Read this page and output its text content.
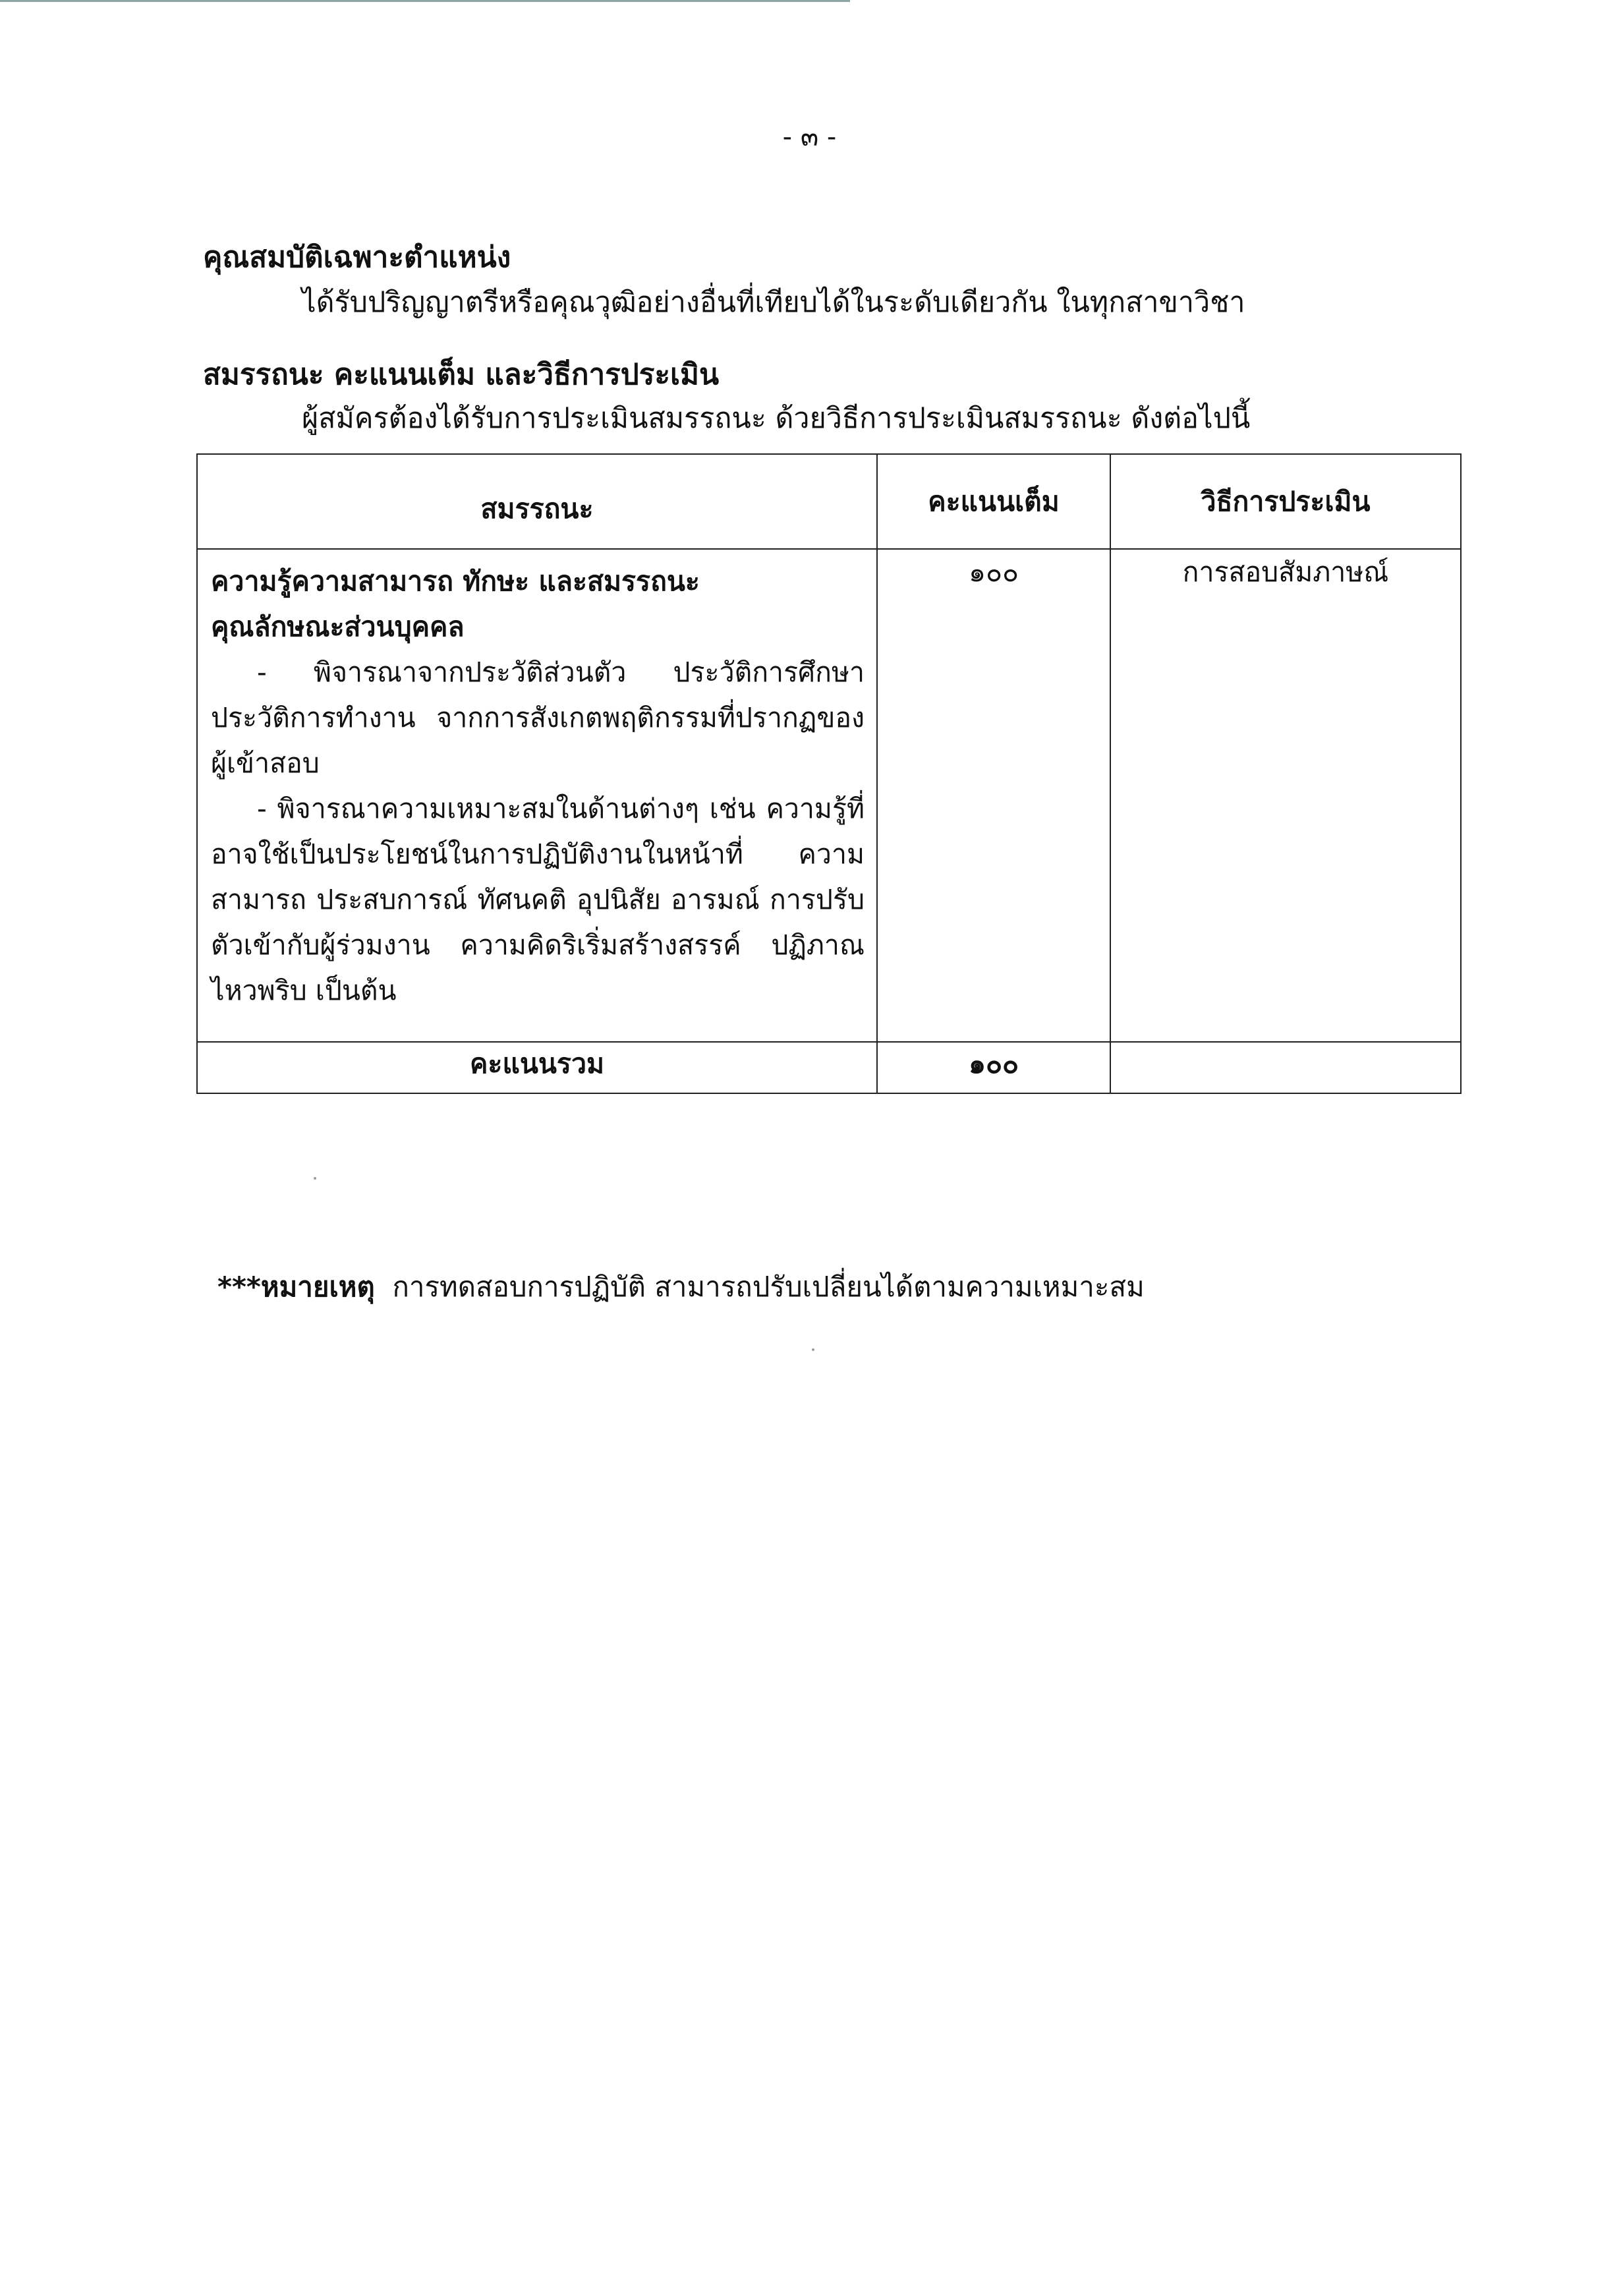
- ๓ -
คุณสมบัติเฉพาะตำแหน่ง
ได้รับปริญญาตรีหรือคุณวุฒิอย่างอื่นที่เทียบได้ในระดับเดียวกัน ในทุกสาขาวิชา
สมรรถนะ คะแนนเต็ม และวิธีการประเมิน
ผู้สมัครต้องได้รับการประเมินสมรรถนะ ด้วยวิธีการประเมินสมรรถนะ ดังต่อไปนี้
สมรรถนะ	คะแนนเต็ม	วิธีการประเมิน

ความรู้ความสามารถ ทักษะ และสมรรถนะ
คุณลักษณะส่วนบุคคล
- พิจารณาจากประวัติส่วนตัว ประวัติการศึกษา ประวัติการทำงาน จากการสังเกตพฤติกรรมที่ปรากฏของผู้เข้าสอบ
- พิจารณาความเหมาะสมในด้านต่างๆ เช่น ความรู้ที่อาจใช้เป็นประโยชน์ในการปฏิบัติงานในหน้าที่ ความสามารถ ประสบการณ์ ทัศนคติ อุปนิสัย อารมณ์ การปรับตัวเข้ากับผู้ร่วมงาน ความคิดริเริ่มสร้างสรรค์ ปฏิภาณไหวพริบ เป็นต้น	๑๐๐	การสอบสัมภาษณ์
คะแนนรวม	๑๐๐	
***หมายเหตุ การทดสอบการปฏิบัติ สามารถปรับเปลี่ยนได้ตามความเหมาะสม
